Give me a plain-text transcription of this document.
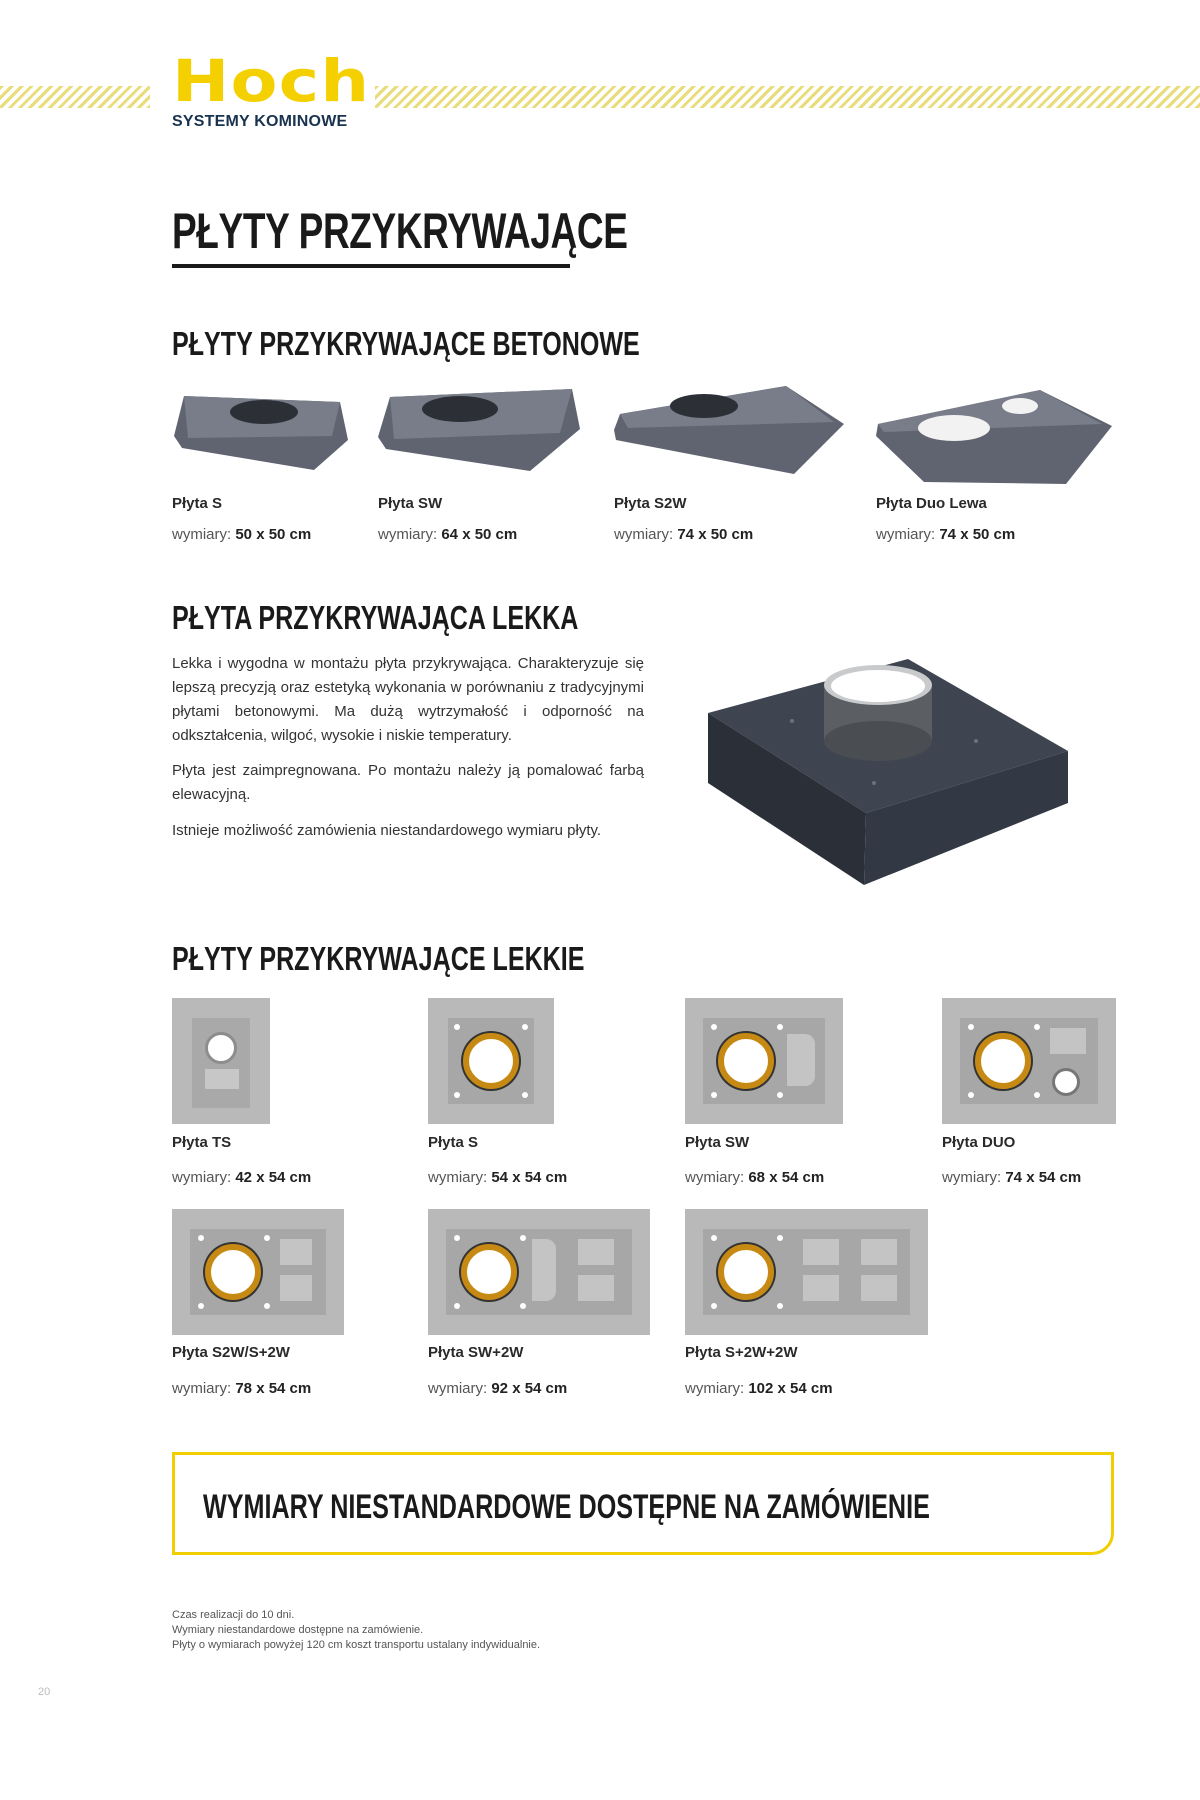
Hoch
SYSTEMY KOMINOWE
PŁYTY PRZYKRYWAJĄCE
PŁYTY PRZYKRYWAJĄCE BETONOWE
Płyta S
wymiary: 50 x 50 cm
Płyta SW
wymiary: 64 x 50 cm
Płyta S2W
wymiary: 74 x 50 cm
Płyta Duo Lewa
wymiary: 74 x 50 cm
PŁYTA PRZYKRYWAJĄCA LEKKA

Lekka i wygodna w montażu płyta przykrywająca. Charakteryzuje się lepszą precyzją oraz estetyką wykonania w porównaniu z tradycyjnymi płytami betonowymi. Ma dużą wytrzymałość i odporność na odkształcenia, wilgoć, wysokie i niskie temperatury.

Płyta jest zaimpregnowana. Po montażu należy ją pomalować farbą elewacyjną.

Istnieje możliwość zamówienia niestandardowego wymiaru płyty.

PŁYTY PRZYKRYWAJĄCE LEKKIE
Płyta TS
wymiary: 42 x 54 cm
Płyta S
wymiary: 54 x 54 cm
Płyta SW
wymiary: 68 x 54 cm
Płyta DUO
wymiary: 74 x 54 cm
Płyta S2W/S+2W
wymiary: 78 x 54 cm
Płyta SW+2W
wymiary: 92 x 54 cm
Płyta S+2W+2W
wymiary: 102 x 54 cm
WYMIARY NIESTANDARDOWE DOSTĘPNE NA ZAMÓWIENIE
Czas realizacji do 10 dni.
Wymiary niestandardowe dostępne na zamówienie.
Płyty o wymiarach powyżej 120 cm koszt transportu ustalany indywidualnie.
20
